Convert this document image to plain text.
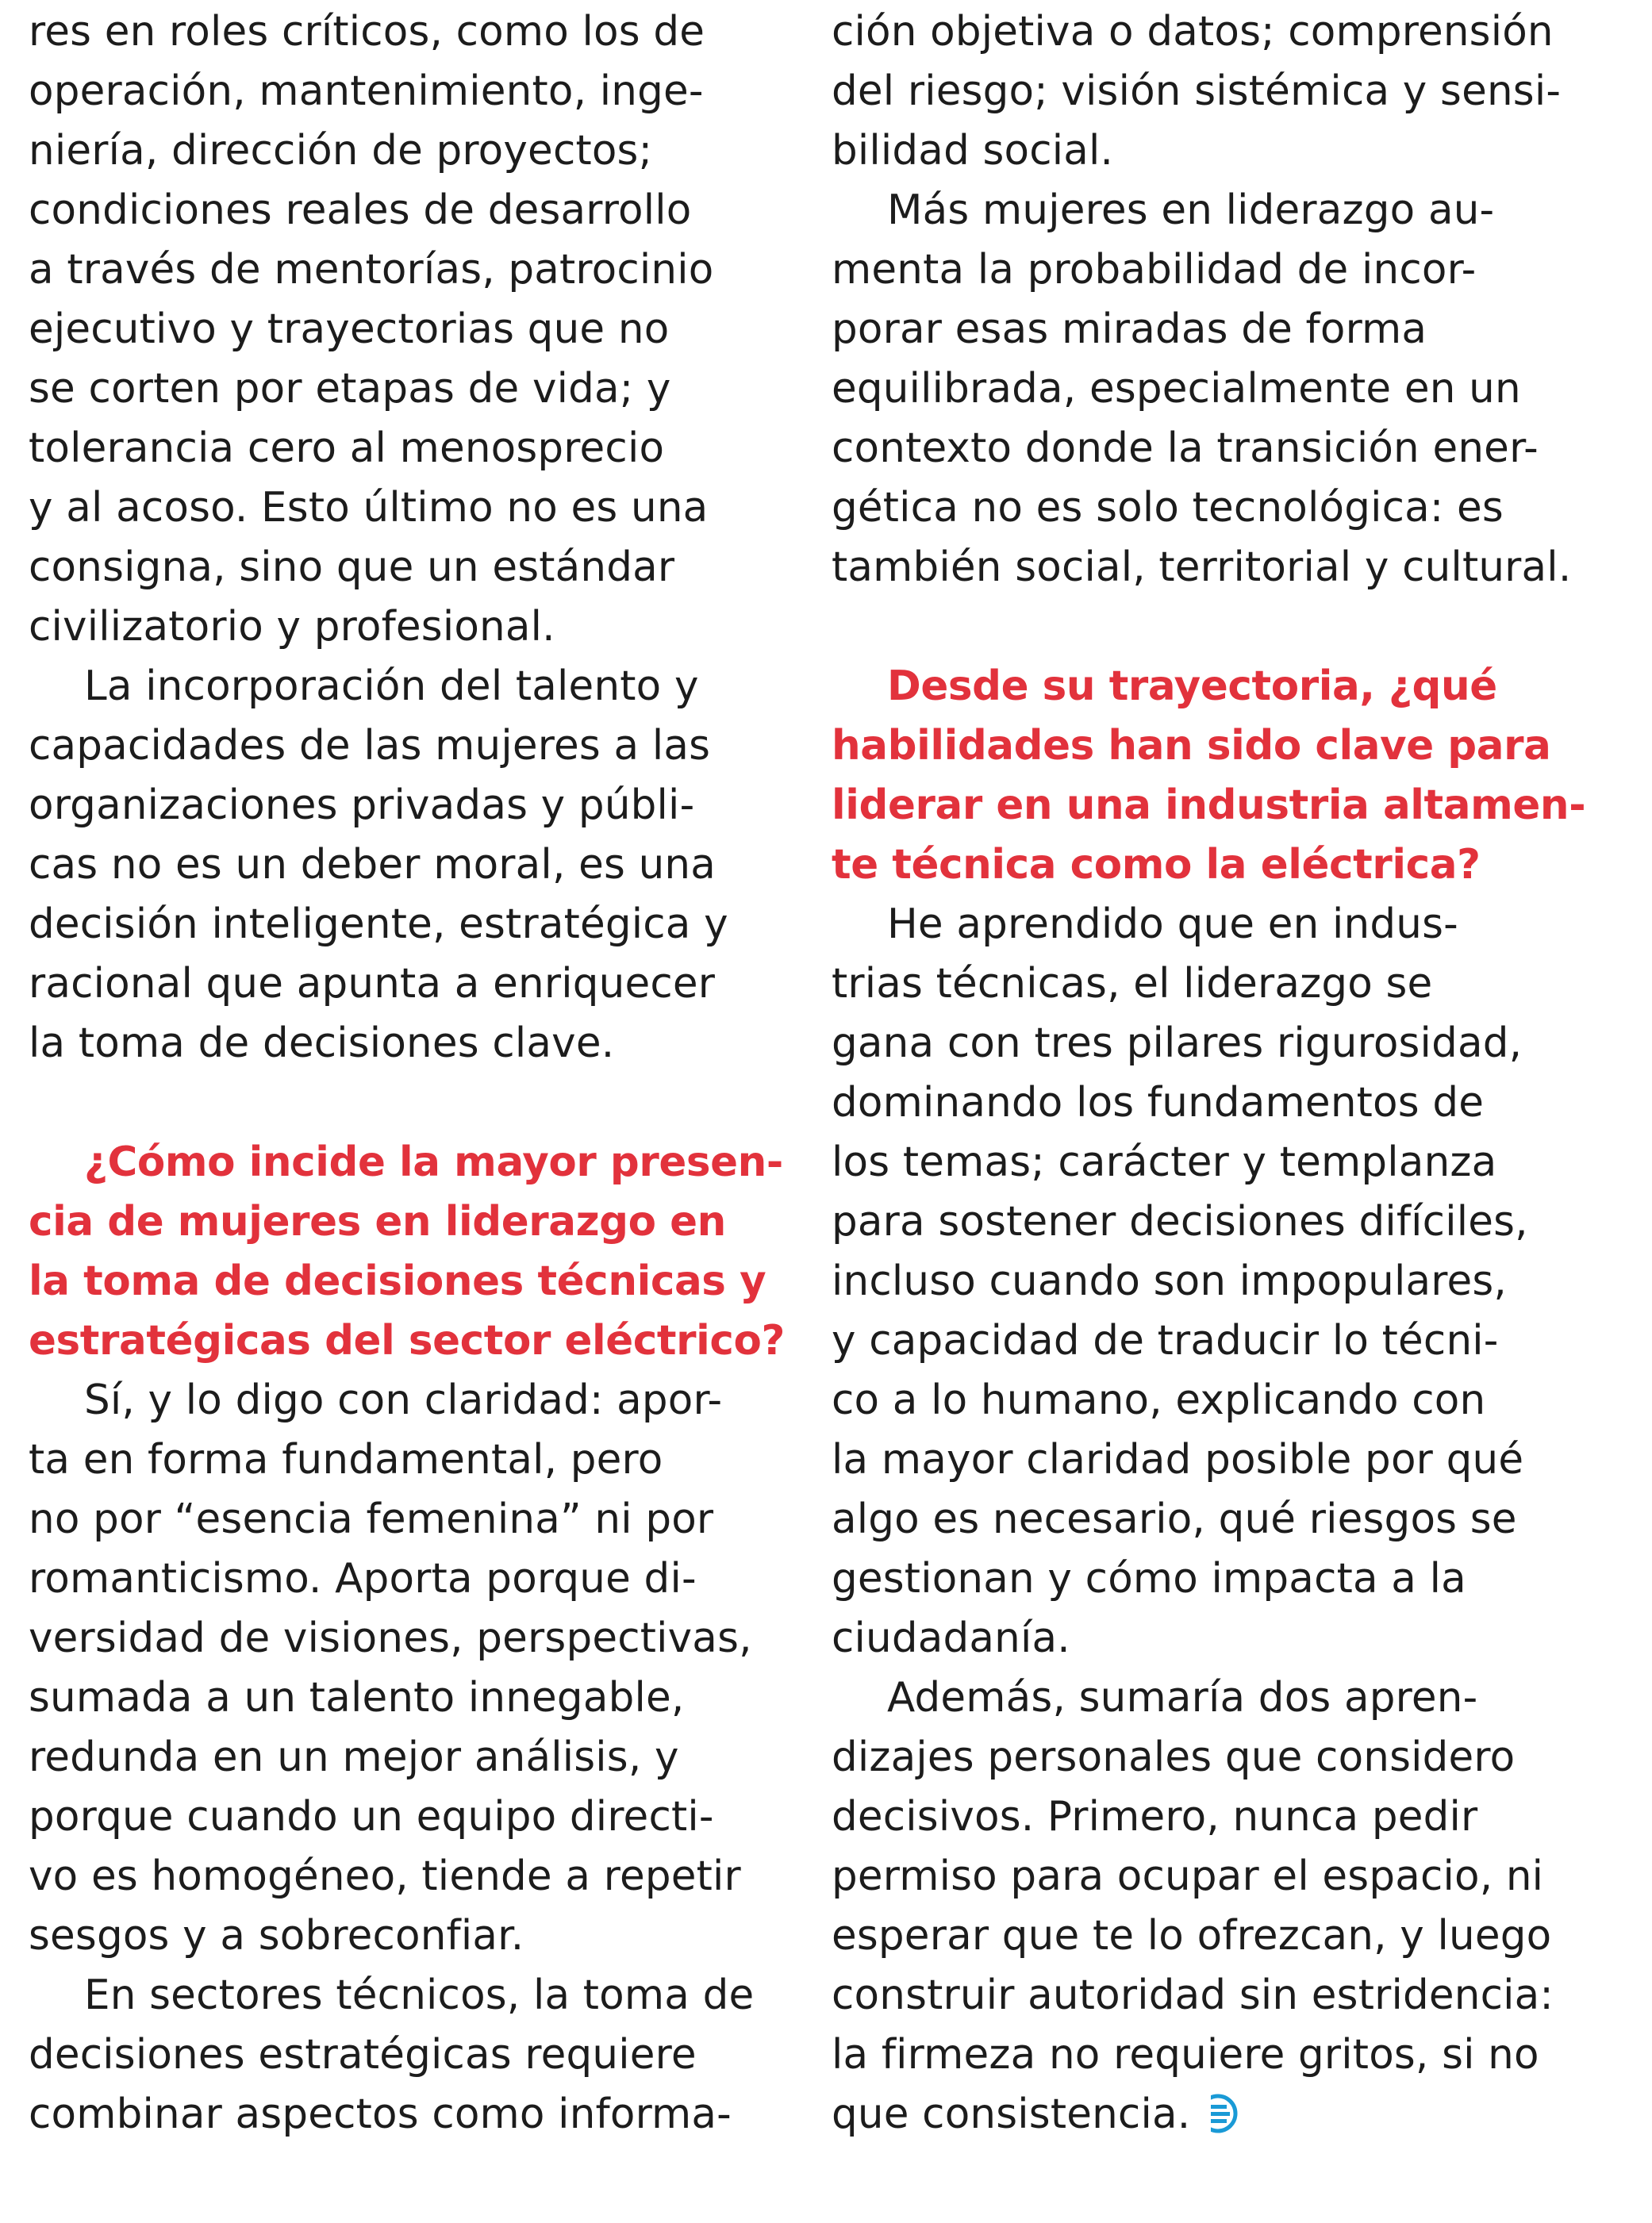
res en roles críticos, como los de
operación, mantenimiento, inge-
niería, dirección de proyectos;
condiciones reales de desarrollo
a través de mentorías, patrocinio
ejecutivo y trayectorias que no
se corten por etapas de vida; y
tolerancia cero al menosprecio
y al acoso. Esto último no es una
consigna, sino que un estándar
civilizatorio y profesional.
La incorporación del talento y
capacidades de las mujeres a las
organizaciones privadas y públi-
cas no es un deber moral, es una
decisión inteligente, estratégica y
racional que apunta a enriquecer
la toma de decisiones clave.
¿Cómo incide la mayor presen-
cia de mujeres en liderazgo en
la toma de decisiones técnicas y
estratégicas del sector eléctrico?
Sí, y lo digo con claridad: apor-
ta en forma fundamental, pero
no por “esencia femenina” ni por
romanticismo. Aporta porque di-
versidad de visiones, perspectivas,
sumada a un talento innegable,
redunda en un mejor análisis, y
porque cuando un equipo directi-
vo es homogéneo, tiende a repetir
sesgos y a sobreconfiar.
En sectores técnicos, la toma de
decisiones estratégicas requiere
combinar aspectos como informa-
ción objetiva o datos; comprensión
del riesgo; visión sistémica y sensi-
bilidad social.
Más mujeres en liderazgo au-
menta la probabilidad de incor-
porar esas miradas de forma
equilibrada, especialmente en un
contexto donde la transición ener-
gética no es solo tecnológica: es
también social, territorial y cultural.
Desde su trayectoria, ¿qué
habilidades han sido clave para
liderar en una industria altamen-
te técnica como la eléctrica?
He aprendido que en indus-
trias técnicas, el liderazgo se
gana con tres pilares rigurosidad,
dominando los fundamentos de
los temas; carácter y templanza
para sostener decisiones difíciles,
incluso cuando son impopulares,
y capacidad de traducir lo técni-
co a lo humano, explicando con
la mayor claridad posible por qué
algo es necesario, qué riesgos se
gestionan y cómo impacta a la
ciudadanía.
Además, sumaría dos apren-
dizajes personales que considero
decisivos. Primero, nunca pedir
permiso para ocupar el espacio, ni
esperar que te lo ofrezcan, y luego
construir autoridad sin estridencia:
la firmeza no requiere gritos, si no
que consistencia.
